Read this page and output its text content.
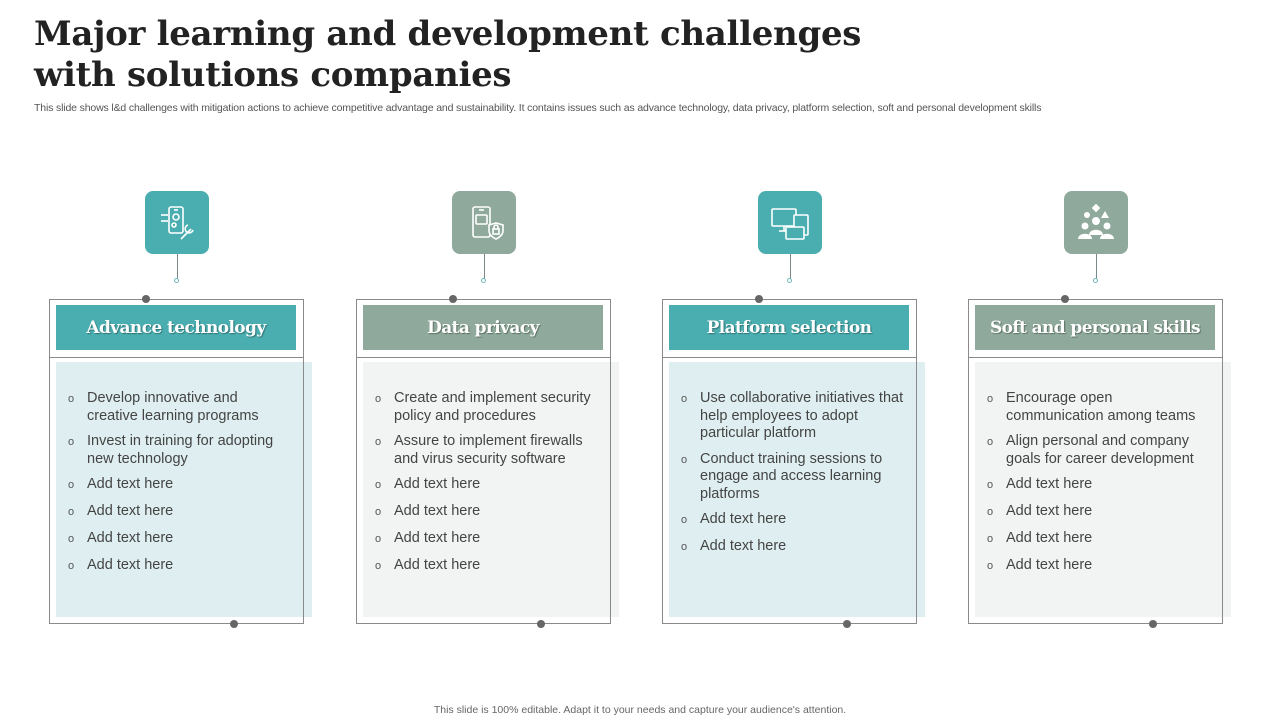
Major learning and development challenges with solutions companies
This slide shows l&d challenges with mitigation actions to achieve competitive advantage and sustainability. It contains issues such as advance technology, data privacy, platform selection, soft and personal development skills
o Develop innovative and creative learning programs
o Invest in training for adopting new technology
o Add text here
o Add text here
o Add text here
o Add text here
Advance technology
o Create and implement security policy and procedures
o Assure to implement firewalls and virus security software
o Add text here
o Add text here
o Add text here
o Add text here
Data privacy
o Use collaborative initiatives that help employees to adopt particular platform
o Conduct training sessions to engage and access learning platforms
o Add text here
o Add text here
Platform selection
o Encourage open communication among teams
o Align personal and company goals for career development
o Add text here
o Add text here
o Add text here
o Add text here
Soft and personal skills
This slide is 100% editable. Adapt it to your needs and capture your audience's attention.
